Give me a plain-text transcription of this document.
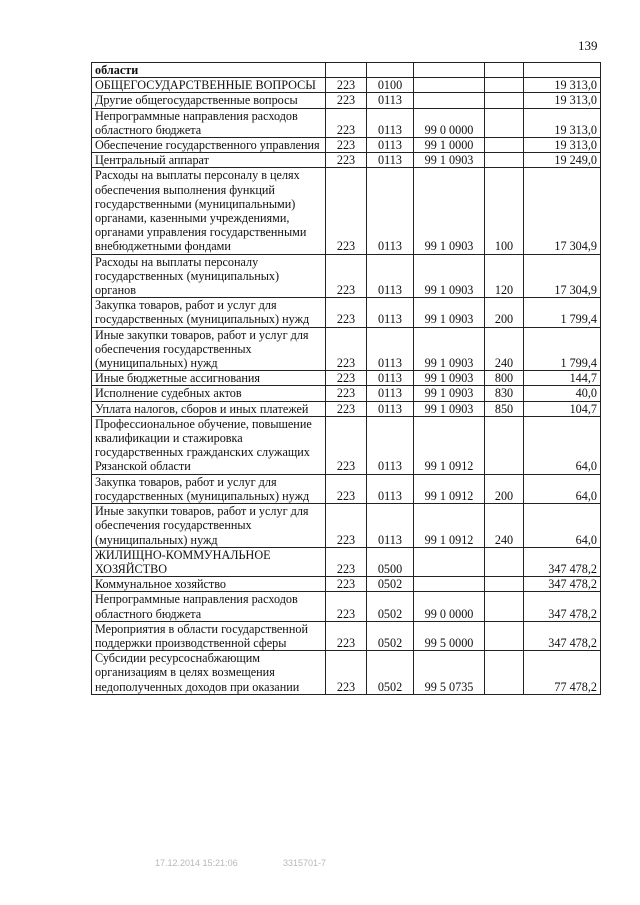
139
области					
ОБЩЕГОСУДАРСТВЕННЫЕ ВОПРОСЫ	223	0100			19 313,0
Другие общегосударственные вопросы	223	0113			19 313,0
Непрограммные направления расходов областного бюджета	223	0113	99 0 0000		19 313,0
Обеспечение государственного управления	223	0113	99 1 0000		19 313,0
Центральный аппарат	223	0113	99 1 0903		19 249,0
Расходы на выплаты персоналу в целях обеспечения выполнения функций государственными (муниципальными) органами, казенными учреждениями, органами управления государственными внебюджетными фондами	223	0113	99 1 0903	100	17 304,9
Расходы на выплаты персоналу государственных (муниципальных) органов	223	0113	99 1 0903	120	17 304,9
Закупка товаров, работ и услуг для государственных (муниципальных) нужд	223	0113	99 1 0903	200	1 799,4
Иные закупки товаров, работ и услуг для обеспечения государственных (муниципальных) нужд	223	0113	99 1 0903	240	1 799,4
Иные бюджетные ассигнования	223	0113	99 1 0903	800	144,7
Исполнение судебных актов	223	0113	99 1 0903	830	40,0
Уплата налогов, сборов и иных платежей	223	0113	99 1 0903	850	104,7
Профессиональное обучение, повышение квалификации и стажировка государственных гражданских служащих Рязанской области	223	0113	99 1 0912		64,0
Закупка товаров, работ и услуг для государственных (муниципальных) нужд	223	0113	99 1 0912	200	64,0
Иные закупки товаров, работ и услуг для обеспечения государственных (муниципальных) нужд	223	0113	99 1 0912	240	64,0
ЖИЛИЩНО-КОММУНАЛЬНОЕ ХОЗЯЙСТВО	223	0500			347 478,2
Коммунальное хозяйство	223	0502			347 478,2
Непрограммные направления расходов областного бюджета	223	0502	99 0 0000		347 478,2
Мероприятия в области государственной поддержки производственной сферы	223	0502	99 5 0000		347 478,2
Субсидии ресурсоснабжающим организациям в целях возмещения недополученных доходов при оказании	223	0502	99 5 0735		77 478,2
17.12.2014 15:21:06	3315701-7
